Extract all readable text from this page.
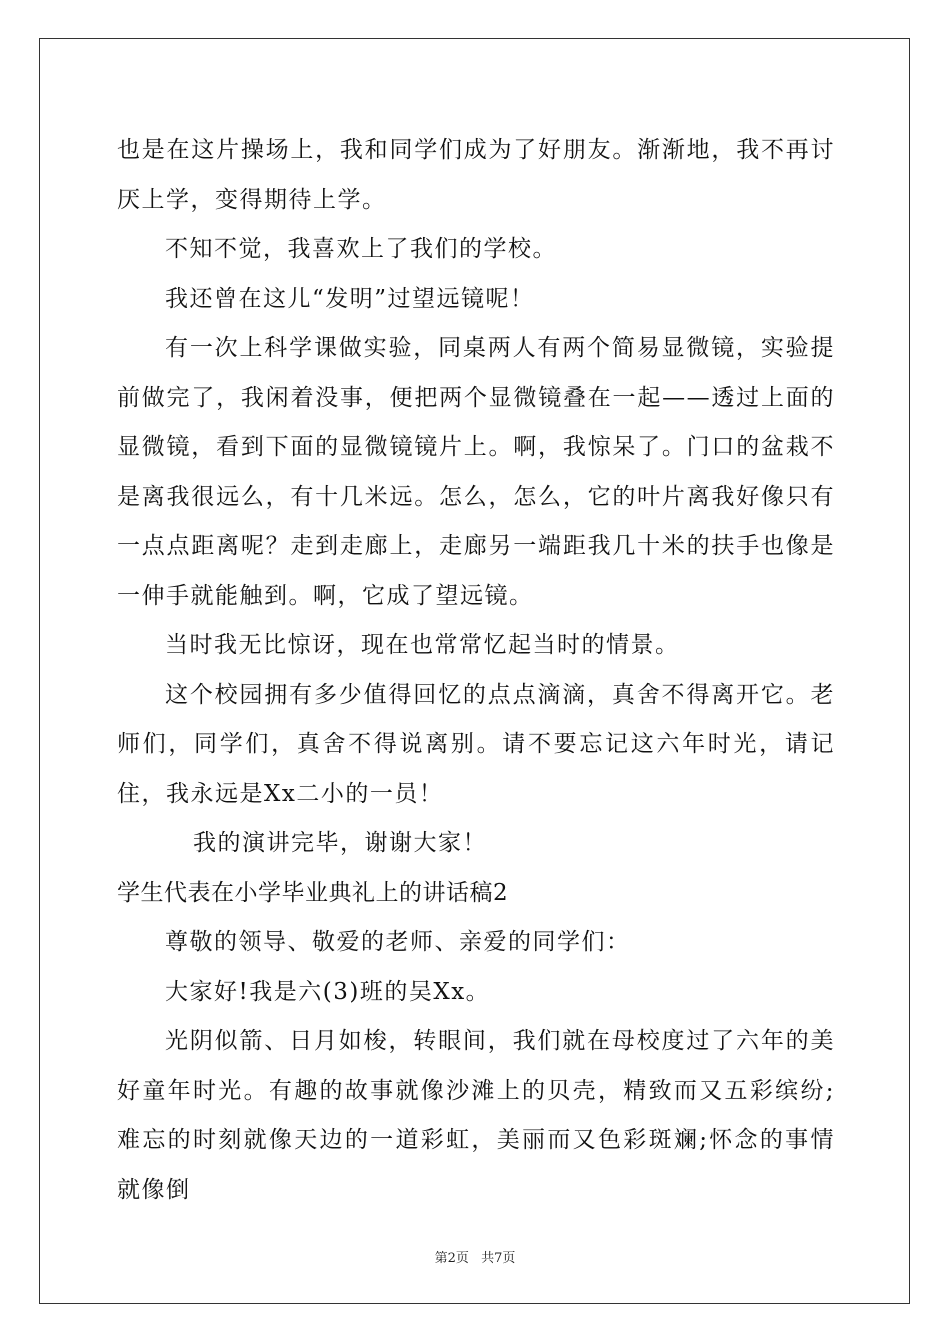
也是在这片操场上，我和同学们成为了好朋友。渐渐地，我不再讨厌上学，变得期待上学。

不知不觉，我喜欢上了我们的学校。

我还曾在这儿“发明”过望远镜呢！

有一次上科学课做实验，同桌两人有两个简易显微镜，实验提前做完了，我闲着没事，便把两个显微镜叠在一起——透过上面的显微镜，看到下面的显微镜镜片上。啊，我惊呆了。门口的盆栽不是离我很远么，有十几米远。怎么，怎么，它的叶片离我好像只有一点点距离呢？走到走廊上，走廊另一端距我几十米的扶手也像是一伸手就能触到。啊，它成了望远镜。

当时我无比惊讶，现在也常常忆起当时的情景。

这个校园拥有多少值得回忆的点点滴滴，真舍不得离开它。老师们，同学们，真舍不得说离别。请不要忘记这六年时光，请记住，我永远是Xx二小的一员！

我的演讲完毕，谢谢大家！

学生代表在小学毕业典礼上的讲话稿2

尊敬的领导、敬爱的老师、亲爱的同学们：

大家好!我是六(3)班的吴Xx。

光阴似箭、日月如梭，转眼间，我们就在母校度过了六年的美好童年时光。有趣的故事就像沙滩上的贝壳，精致而又五彩缤纷;难忘的时刻就像天边的一道彩虹，美丽而又色彩斑斓;怀念的事情就像倒

第2页 共7页
